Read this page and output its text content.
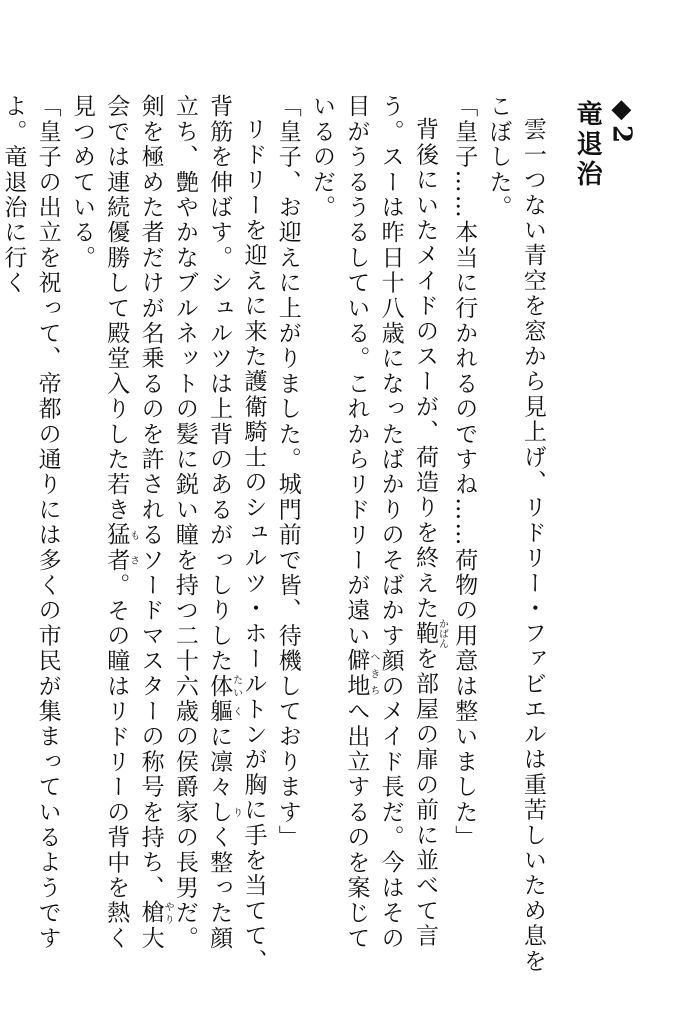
◆2
竜退治

雲一つない青空を窓から見上げ、リドリー・ファビエルは重苦しいため息をこぼした。

「皇子……本当に行かれるのですね……荷物の用意は整いました」

背後にいたメイドのスーが、荷造りを終えた鞄かばんを部屋の扉の前に並べて言う。スーは昨日十八歳になったばかりのそばかす顔のメイド長だ。今はその目がうるうるしている。これからリドリーが遠い僻地へきちへ出立するのを案じているのだ。

「皇子、お迎えに上がりました。城門前で皆、待機しております」

リドリーを迎えに来た護衛騎士のシュルツ・ホールトンが胸に手を当てて、背筋を伸ばす。シュルツは上背のあるがっしりした体たい軀くに凛々しりく整った顔立ち、艶やかなブルネットの髪に鋭い瞳を持つ二十六歳の侯爵家の長男だ。剣を極めた者だけが名乗るのを許されるソードマスターの称号を持ち、槍やり大会では連続優勝して殿堂入りした若き猛も者さ。その瞳はリドリーの背中を熱く見つめている。

「皇子の出立を祝って、帝都の通りには多くの市民が集まっているようですよ。竜退治に行く
